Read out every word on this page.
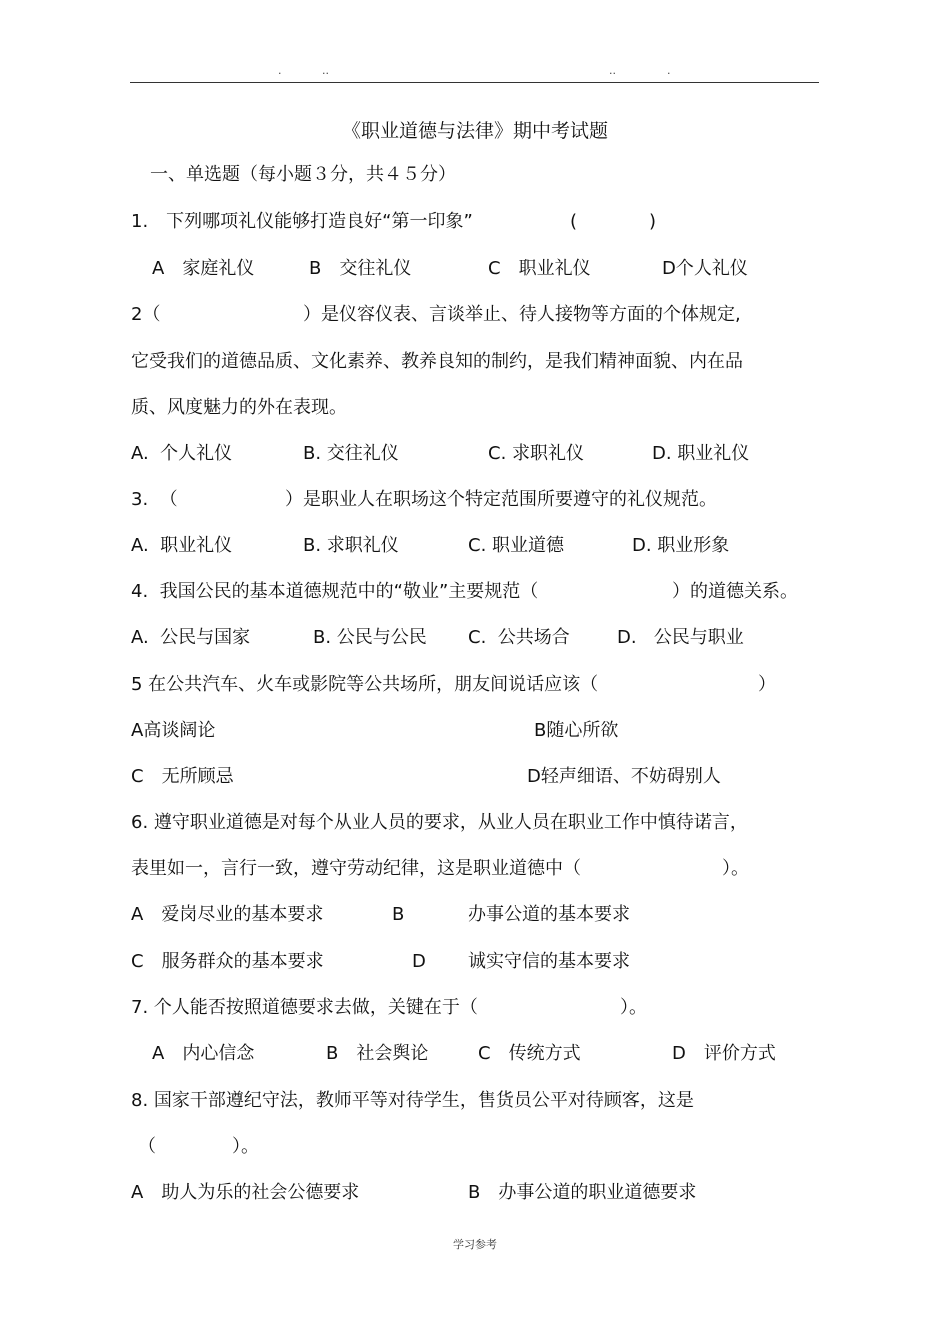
.	..	..	.
《职业道德与法律》期中考试题
一、单选题（每小题３分，共４５分）
1.　下列哪项礼仪能够打造良好“第一印象”	(　　　　)
A　家庭礼仪	B　交往礼仪	C　职业礼仪	D个人礼仪
2（	）是仪容仪表、言谈举止、待人接物等方面的个体规定,
它受我们的道德品质、文化素养、教养良知的制约，是我们精神面貌、内在品
质、风度魅力的外在表现。
A.  个人礼仪	B. 交往礼仪	C. 求职礼仪	D. 职业礼仪
3.  （	）是职业人在职场这个特定范围所要遵守的礼仪规范。
A.  职业礼仪	B. 求职礼仪	C. 职业道德	D. 职业形象
4.  我国公民的基本道德规范中的“敬业”主要规范（	）的道德关系。
A.  公民与国家	B. 公民与公民 C.  公共场合	D.   公民与职业
5 在公共汽车、火车或影院等公共场所，朋友间说话应该（	）
A高谈阔论	B随心所欲
C　无所顾忌	D轻声细语、不妨碍别人
6. 遵守职业道德是对每个从业人员的要求，从业人员在职业工作中慎待诺言，
表里如一，言行一致，遵守劳动纪律，这是职业道德中（	）。
A　爱岗尽业的基本要求	B	办事公道的基本要求
C　服务群众的基本要求	D 诚实守信的基本要求
7. 个人能否按照道德要求去做，关键在于（	）。
A　内心信念	B　社会舆论	C　传统方式	D　评价方式
8. 国家干部遵纪守法，教师平等对待学生，售货员公平对待顾客，这是
（	）。
A　助人为乐的社会公德要求	B　办事公道的职业道德要求
学习参考
